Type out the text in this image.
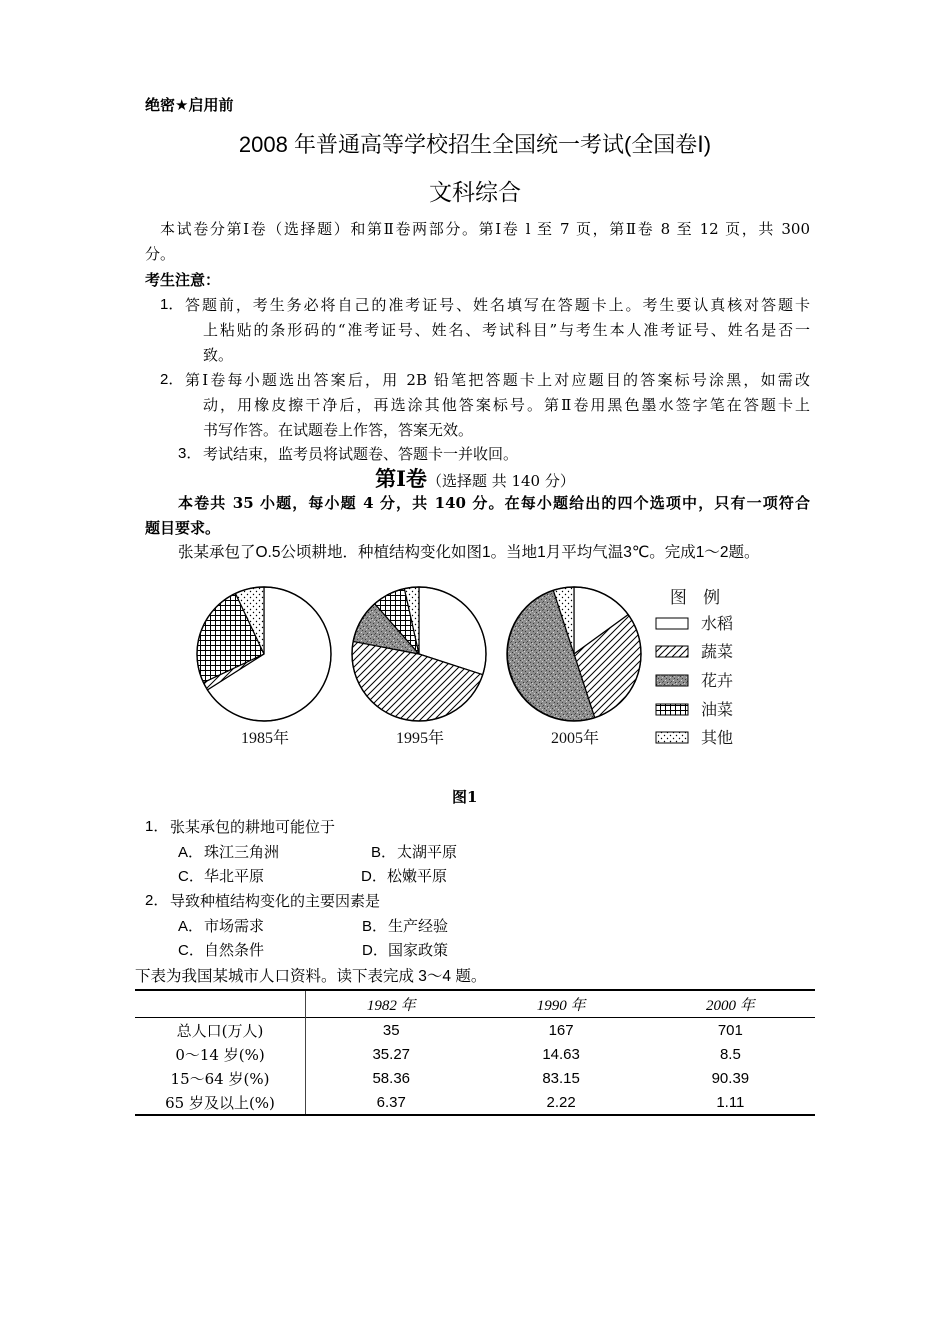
绝密★启用前
2008 年普通高等学校招生全国统一考试(全国卷Ⅰ)
文科综合
本试卷分第Ⅰ卷（选择题）和第Ⅱ卷两部分。第Ⅰ卷 l 至 7 页，第Ⅱ卷 8 至 12 页，共 300
分。
考生注意：
1． 答题前，考生务必将自己的准考证号、姓名填写在答题卡上。考生要认真核对答题卡
上粘贴的条形码的“准考证号、姓名、考试科目”与考生本人准考证号、姓名是否一
致。
2． 第Ⅰ卷每小题选出答案后，用 2B 铅笔把答题卡上对应题目的答案标号涂黑，如需改
动，用橡皮擦干净后，再选涂其他答案标号。第Ⅱ卷用黑色墨水签字笔在答题卡上
书写作答。在试题卷上作答，答案无效。
3． 考试结束，监考员将试题卷、答题卡一并收回。
第Ⅰ卷（选择题 共 140 分）
本卷共 35 小题，每小题 4 分，共 140 分。在每小题给出的四个选项中，只有一项符合
题目要求。
张某承包了O.5公顷耕地．种植结构变化如图1。当地1月平均气温3℃。完成1～2题。
1985年	1995年	2005年
图 例
水稻
蔬菜
花卉
油菜
其他
图1
1． 张某承包的耕地可能位于
A．珠江三角洲	B．太湖平原
C．华北平原	D．松嫩平原
2． 导致种植结构变化的主要因素是
A．市场需求	B．生产经验
C．自然条件	D．国家政策
下表为我国某城市人口资料。读下表完成 3～4 题。
	1982 年	1990 年	2000 年
总人口(万人)	35	167	701
0～14 岁(%)	35.27	14.63	8.5
15～64 岁(%)	58.36	83.15	90.39
65 岁及以上(%)	6.37	2.22	1.11
